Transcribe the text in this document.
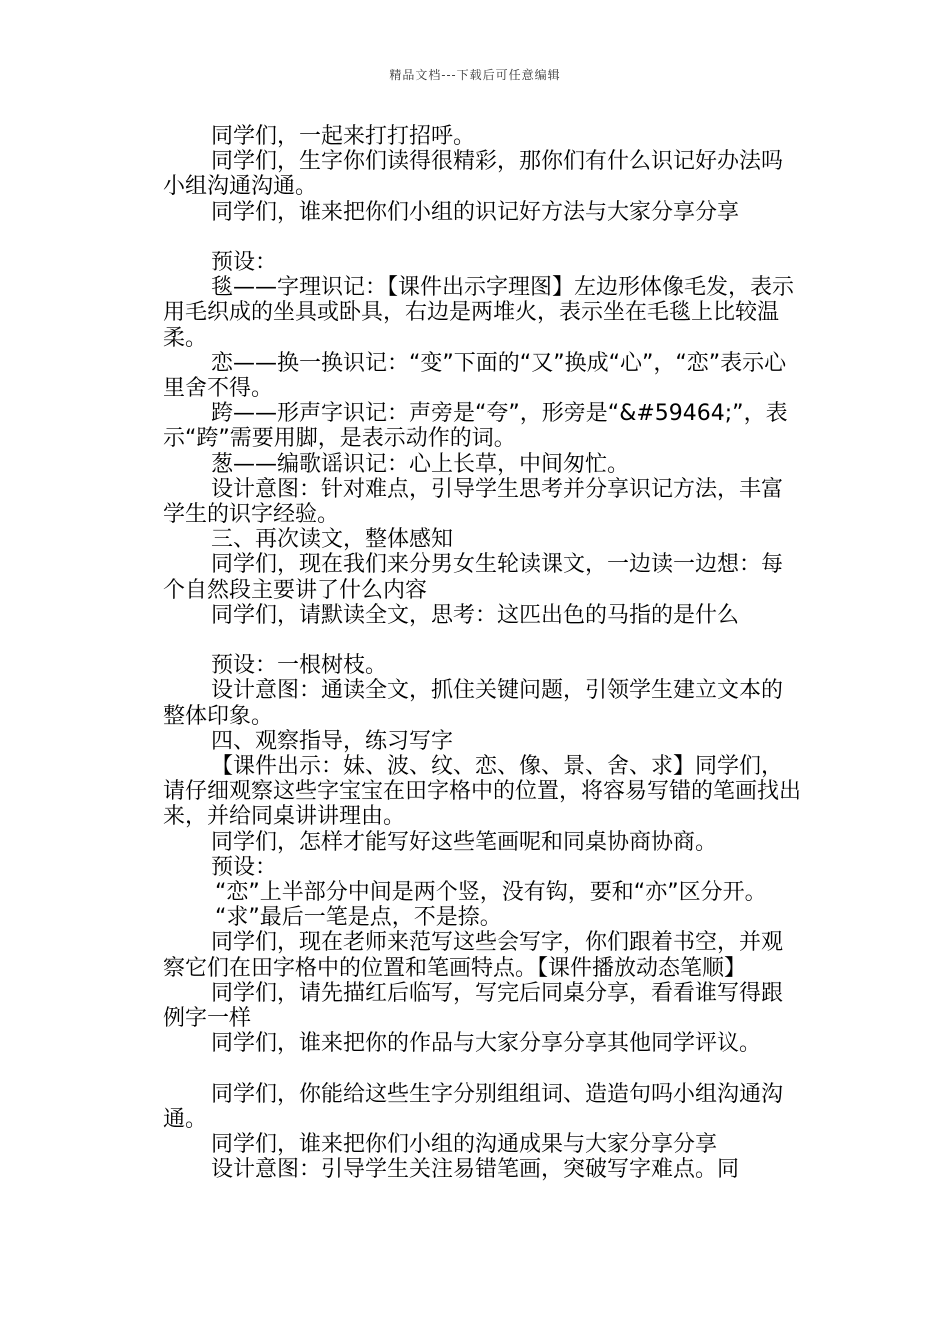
精品文档---下载后可任意编辑

同学们，一起来打打招呼。

同学们，生字你们读得很精彩，那你们有什么识记好办法吗小组沟通沟通。

同学们，谁来把你们小组的识记好方法与大家分享分享

预设：

毯——字理识记：【课件出示字理图】左边形体像毛发，表示用毛织成的坐具或卧具，右边是两堆火，表示坐在毛毯上比较温柔。

恋——换一换识记：“变”下面的“又”换成“心”，“恋”表示心里舍不得。

跨——形声字识记：声旁是“夸”，形旁是“&#59464;”，表示“跨”需要用脚，是表示动作的词。

葱——编歌谣识记：心上长草，中间匆忙。

设计意图：针对难点，引导学生思考并分享识记方法，丰富学生的识字经验。

三、再次读文，整体感知

同学们，现在我们来分男女生轮读课文，一边读一边想：每个自然段主要讲了什么内容

同学们，请默读全文，思考：这匹出色的马指的是什么

预设：一根树枝。

设计意图：通读全文，抓住关键问题，引领学生建立文本的整体印象。

四、观察指导，练习写字

【课件出示：妹、波、纹、恋、像、景、舍、求】同学们，请仔细观察这些字宝宝在田字格中的位置，将容易写错的笔画找出来，并给同桌讲讲理由。

同学们，怎样才能写好这些笔画呢和同桌协商协商。

预设：

“恋”上半部分中间是两个竖，没有钩，要和“亦”区分开。

“求”最后一笔是点，不是捺。

同学们，现在老师来范写这些会写字，你们跟着书空，并观察它们在田字格中的位置和笔画特点。【课件播放动态笔顺】

同学们，请先描红后临写，写完后同桌分享，看看谁写得跟例字一样

同学们，谁来把你的作品与大家分享分享其他同学评议。

同学们，你能给这些生字分别组组词、造造句吗小组沟通沟通。

同学们，谁来把你们小组的沟通成果与大家分享分享

设计意图：引导学生关注易错笔画，突破写字难点。同
